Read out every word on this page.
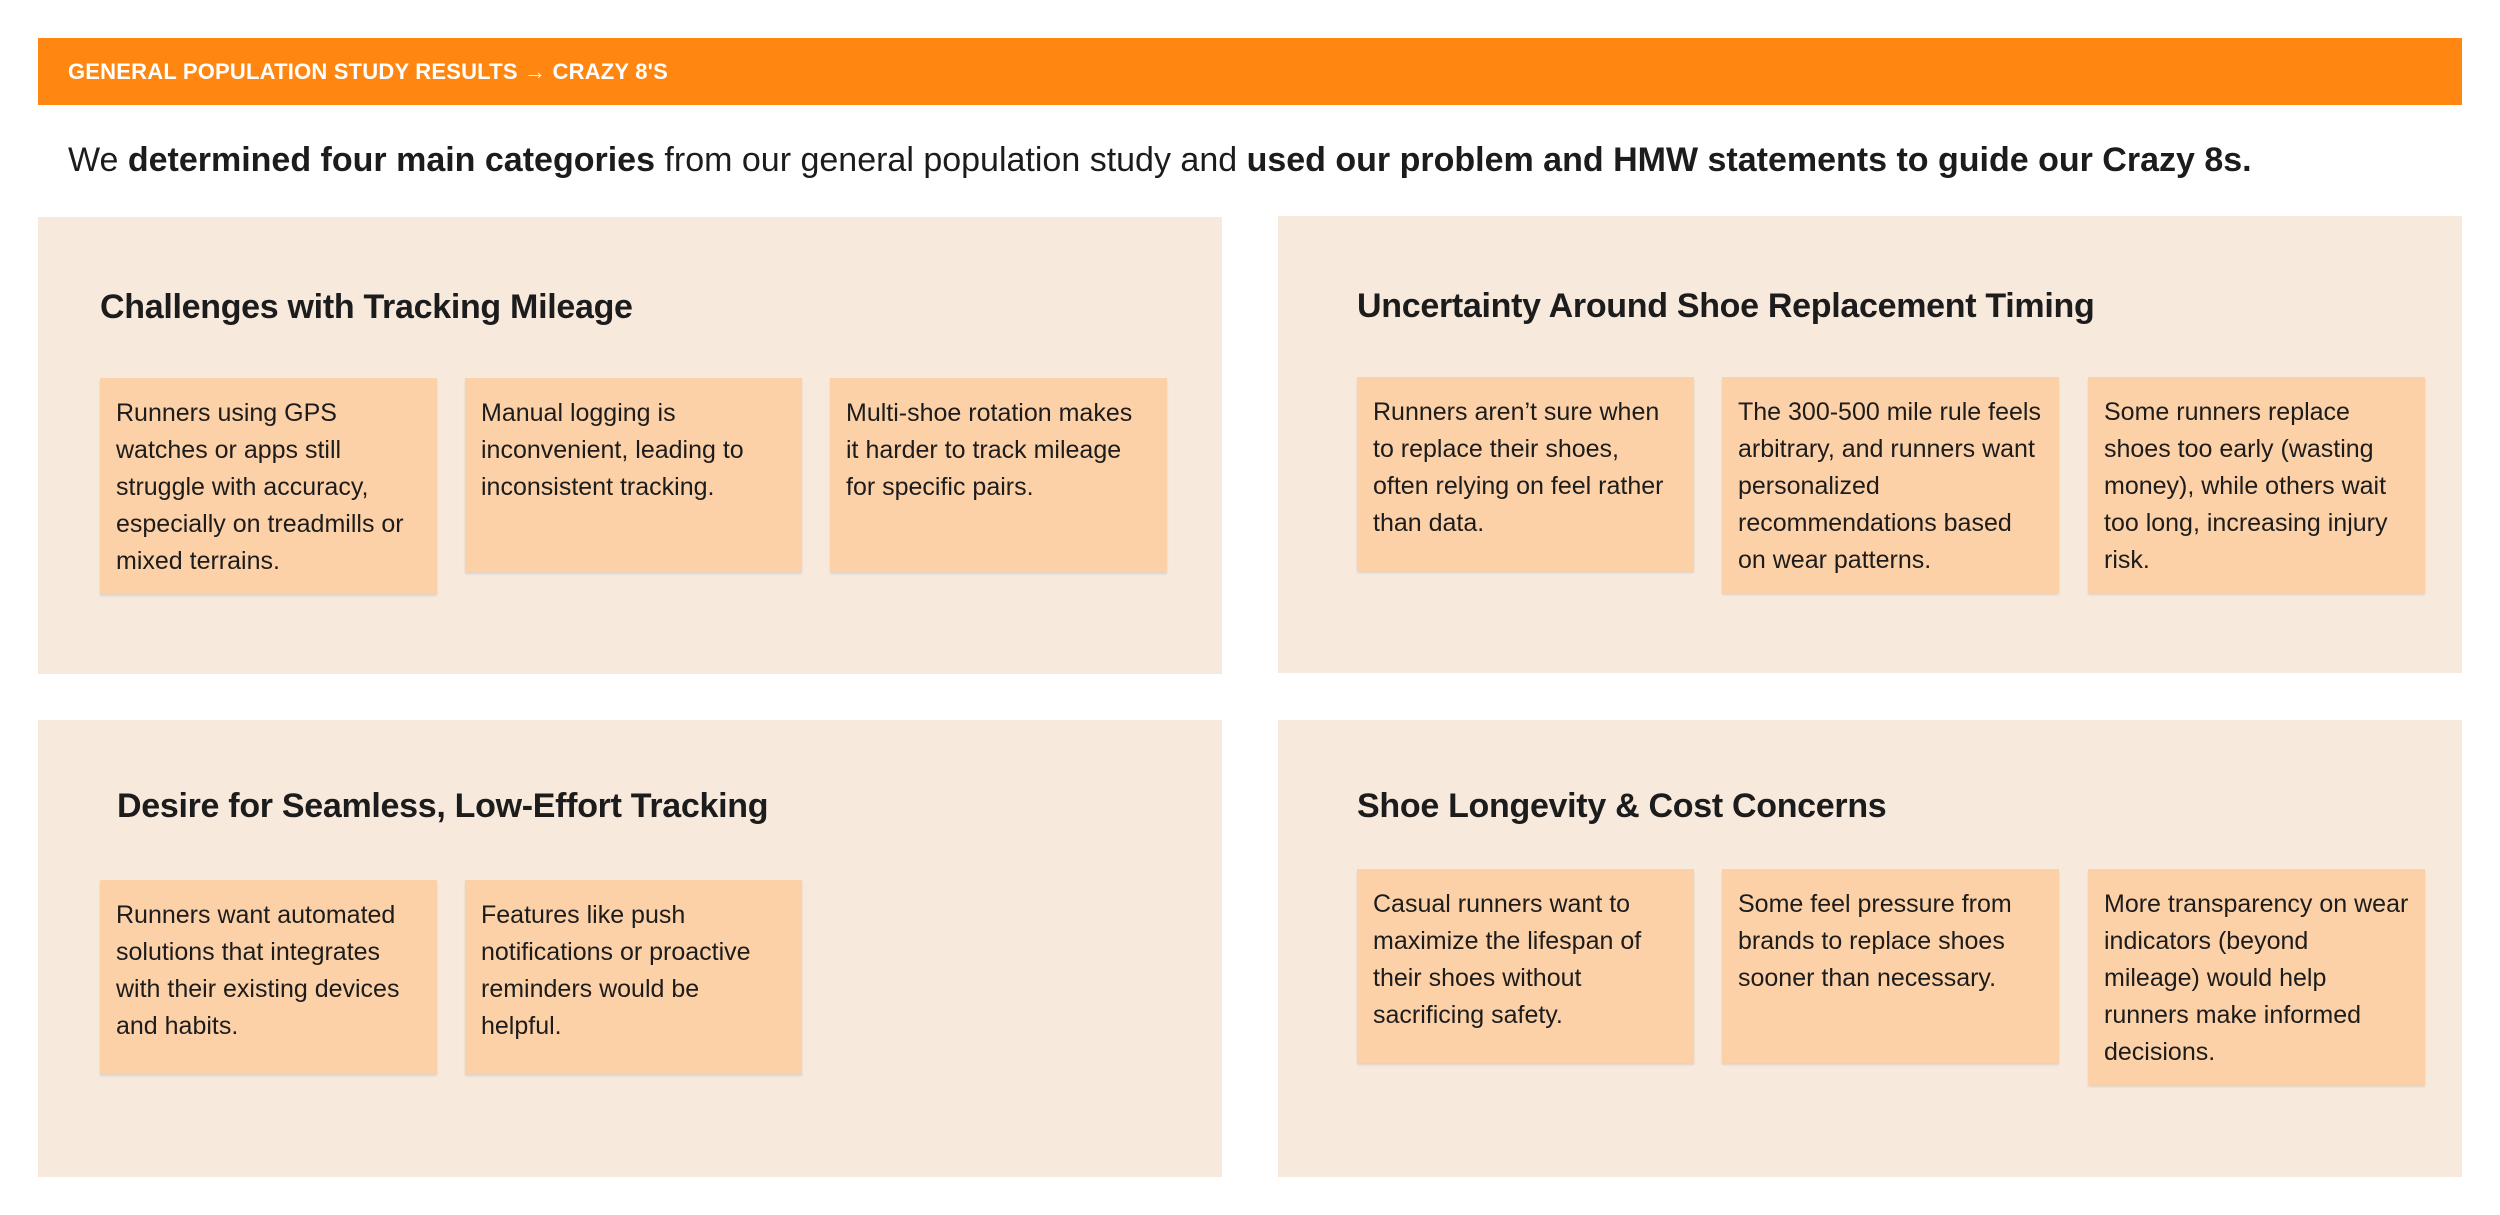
GENERAL POPULATION STUDY RESULTS → CRAZY 8'S
We determined four main categories from our general population study and used our problem and HMW statements to guide our Crazy 8s.
Challenges with Tracking Mileage
Runners using GPS watches or apps still struggle with accuracy, especially on treadmills or mixed terrains.
Manual logging is inconvenient, leading to inconsistent tracking.
Multi-shoe rotation makes it harder to track mileage for specific pairs.
Uncertainty Around Shoe Replacement Timing
Runners aren’t sure when to replace their shoes, often relying on feel rather than data.
The 300-500 mile rule feels arbitrary, and runners want personalized recommendations based on wear patterns.
Some runners replace shoes too early (wasting money), while others wait too long, increasing injury risk.
Desire for Seamless, Low-Effort Tracking
Runners want automated solutions that integrates with their existing devices and habits.
Features like push notifications or proactive reminders would be helpful.
Shoe Longevity & Cost Concerns
Casual runners want to maximize the lifespan of their shoes without sacrificing safety.
Some feel pressure from brands to replace shoes sooner than necessary.
More transparency on wear indicators (beyond mileage) would help runners make informed decisions.
